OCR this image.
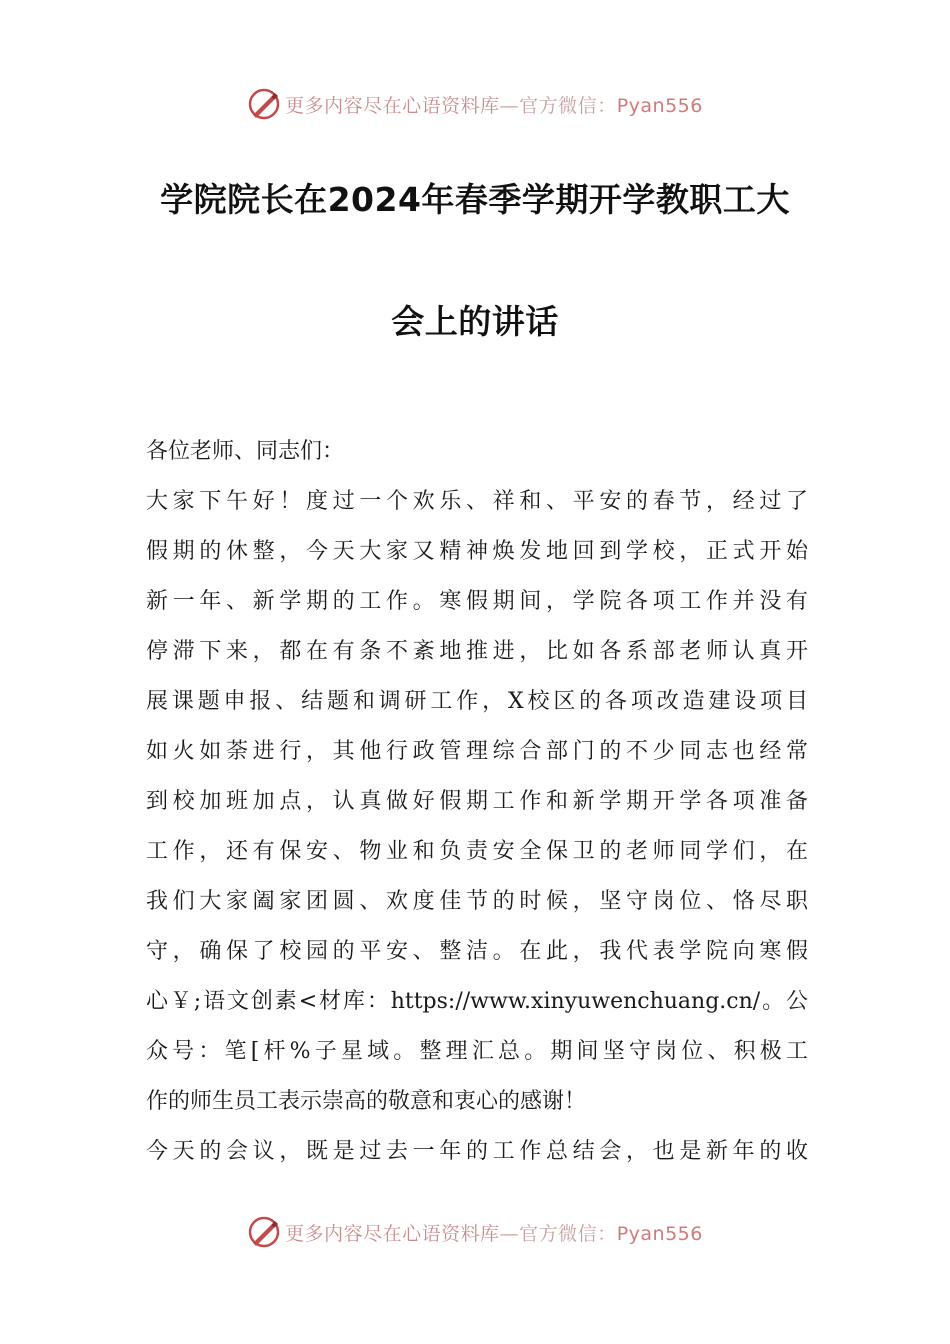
更多内容尽在心语资料库—官方微信：Pyan556
学院院长在2024年春季学期开学教职工大
会上的讲话
各位老师、同志们：
大家下午好！度过一个欢乐、祥和、平安的春节，经过了
假期的休整，今天大家又精神焕发地回到学校，正式开始
新一年、新学期的工作。寒假期间，学院各项工作并没有
停滞下来，都在有条不紊地推进，比如各系部老师认真开
展课题申报、结题和调研工作，X校区的各项改造建设项目
如火如荼进行，其他行政管理综合部门的不少同志也经常
到校加班加点，认真做好假期工作和新学期开学各项准备
工作，还有保安、物业和负责安全保卫的老师同学们，在
我们大家阖家团圆、欢度佳节的时候，坚守岗位、恪尽职
守，确保了校园的平安、整洁。在此，我代表学院向寒假
心￥;语文创素<材库：https://www.xinyuwenchuang.cn/。公
众号：笔[杆%子星域。整理汇总。期间坚守岗位、积极工
作的师生员工表示崇高的敬意和衷心的感谢！
今天的会议，既是过去一年的工作总结会，也是新年的收
更多内容尽在心语资料库—官方微信：Pyan556
